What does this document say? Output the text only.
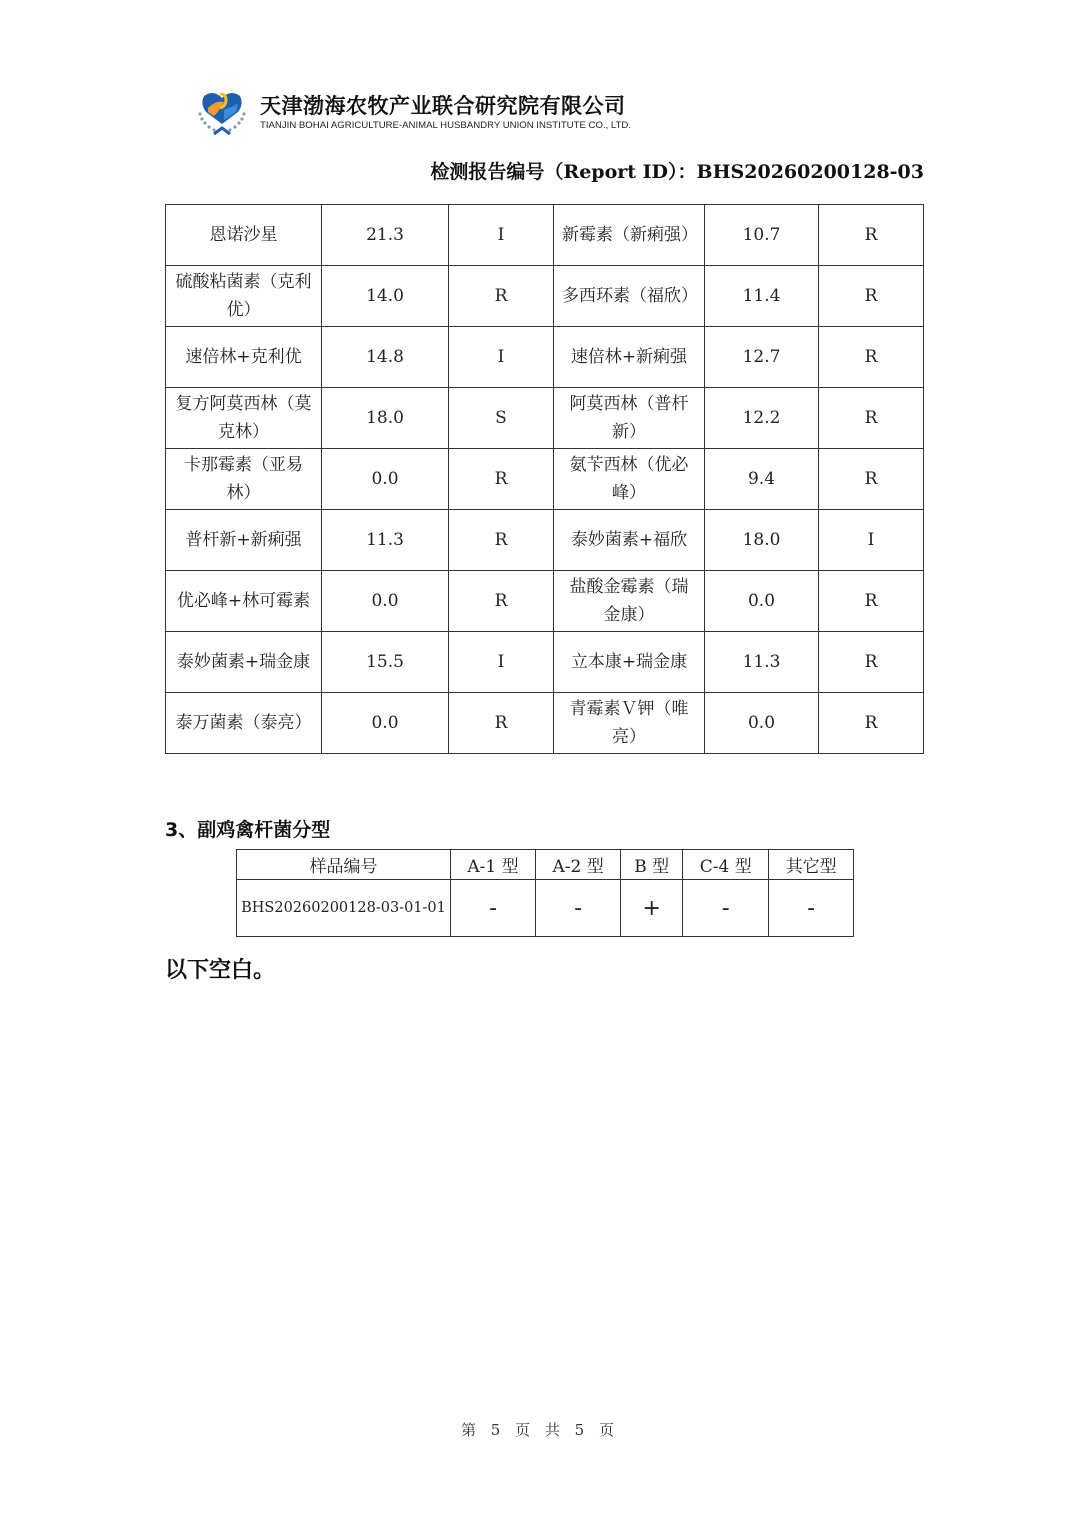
天津渤海农牧产业联合研究院有限公司
TIANJIN BOHAI AGRICULTURE-ANIMAL HUSBANDRY UNION INSTITUTE CO., LTD.
检测报告编号（Report ID）：BHS20260200128-03
恩诺沙星	21.3	I	新霉素（新痢强）	10.7	R
硫酸粘菌素（克利优）	14.0	R	多西环素（福欣）	11.4	R
速倍林+克利优	14.8	I	速倍林+新痢强	12.7	R
复方阿莫西林（莫克林）	18.0	S	阿莫西林（普杆新）	12.2	R
卡那霉素（亚易林）	0.0	R	氨苄西林（优必峰）	9.4	R
普杆新+新痢强	11.3	R	泰妙菌素+福欣	18.0	I
优必峰+林可霉素	0.0	R	盐酸金霉素（瑞金康）	0.0	R
泰妙菌素+瑞金康	15.5	I	立本康+瑞金康	11.3	R
泰万菌素（泰亮）	0.0	R	青霉素Ｖ钾（唯亮）	0.0	R
3、副鸡禽杆菌分型
样品编号	A-1 型	A-2 型	B 型	C-4 型	其它型
BHS20260200128-03-01-01	-	-	+	-	-
以下空白。
第 5 页 共 5 页
